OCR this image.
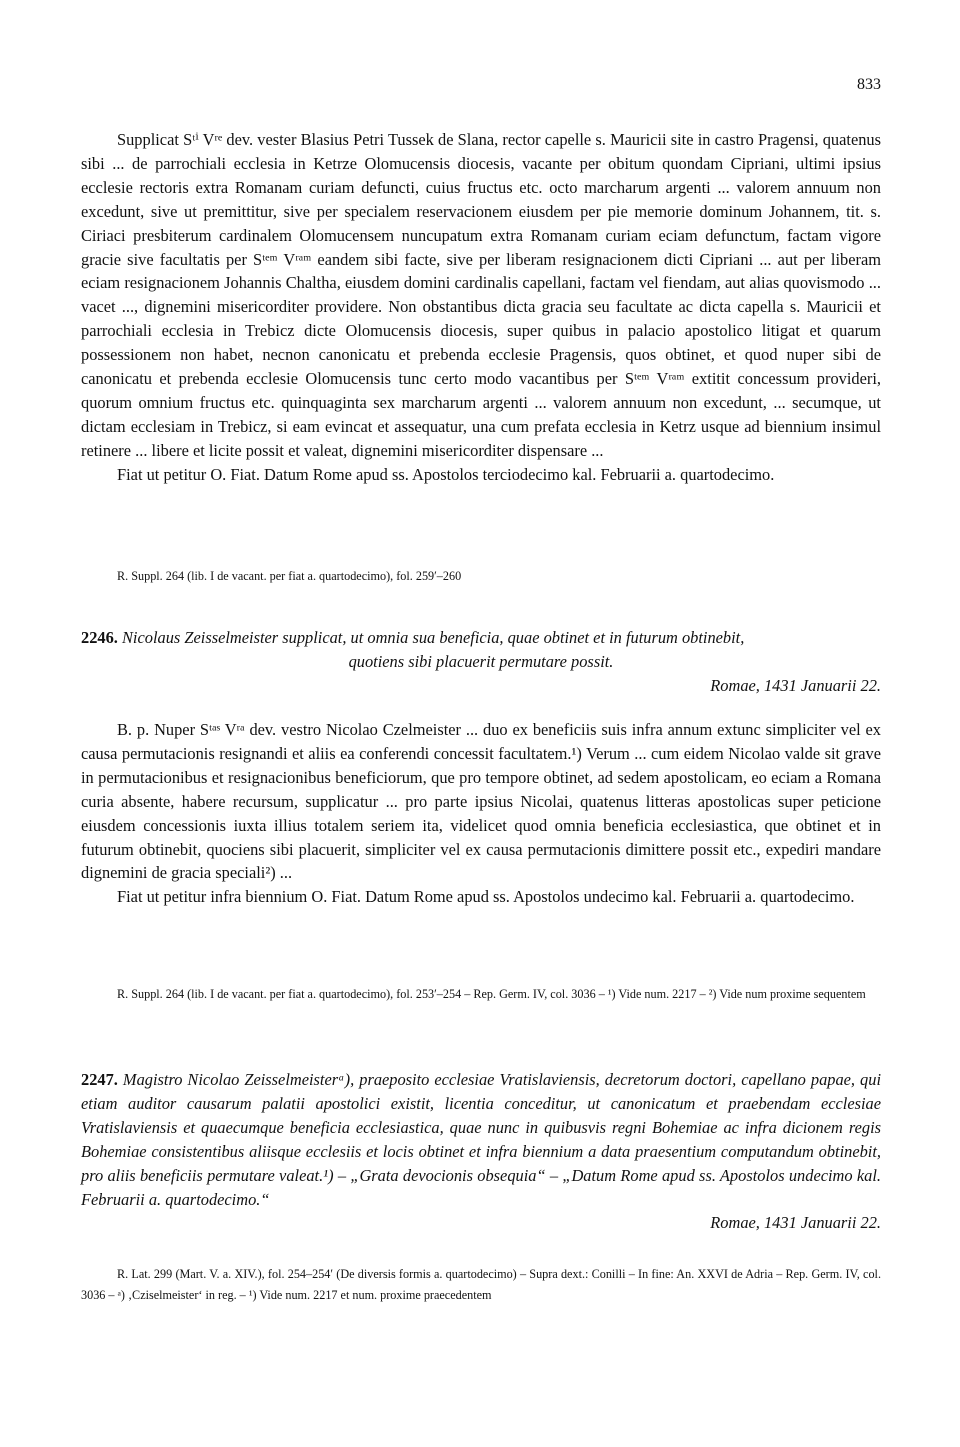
833

Supplicat Sᵗⁱ Vʳᵉ dev. vester Blasius Petri Tussek de Slana, rector capelle s. Mauricii site in castro Pragensi, quatenus sibi ... de parrochiali ecclesia in Ketrze Olomucensis diocesis, vacante per obitum quondam Cipriani, ultimi ipsius ecclesie rectoris extra Romanam curiam defuncti, cuius fructus etc. octo marcharum argenti ... valorem annuum non excedunt, sive ut premittitur, sive per specialem reservacionem eiusdem per pie memorie dominum Johannem, tit. s. Ciriaci presbiterum cardinalem Olomucensem nuncupatum extra Romanam curiam eciam defunctum, factam vigore gracie sive facultatis per Sᵗᵉᵐ Vʳᵃᵐ eandem sibi facte, sive per liberam resignacionem dicti Cipriani ... aut per liberam eciam resignacionem Johannis Chaltha, eiusdem domini cardinalis capellani, factam vel fiendam, aut alias quovismodo ... vacet ..., dignemini misericorditer providere. Non obstantibus dicta gracia seu facultate ac dicta capella s. Mauricii et parrochiali ecclesia in Trebicz dicte Olomucensis diocesis, super quibus in palacio apostolico litigat et quarum possessionem non habet, necnon canonicatu et prebenda ecclesie Pragensis, quos obtinet, et quod nuper sibi de canonicatu et prebenda ecclesie Olomucensis tunc certo modo vacantibus per Sᵗᵉᵐ Vʳᵃᵐ extitit concessum provideri, quorum omnium fructus etc. quinquaginta sex marcharum argenti ... valorem annuum non excedunt, ... secumque, ut dictam ecclesiam in Trebicz, si eam evincat et assequatur, una cum prefata ecclesia in Ketrz usque ad biennium insimul retinere ... libere et licite possit et valeat, dignemini misericorditer dispensare ...

Fiat ut petitur O. Fiat. Datum Rome apud ss. Apostolos terciodecimo kal. Februarii a. quartodecimo.

R. Suppl. 264 (lib. I de vacant. per fiat a. quartodecimo), fol. 259′–260

2246. Nicolaus Zeisselmeister supplicat, ut omnia sua beneficia, quae obtinet et in futurum obtinebit,

quotiens sibi placuerit permutare possit.

Romae, 1431 Januarii 22.

B. p. Nuper Sᵗᵃˢ Vʳᵃ dev. vestro Nicolao Czelmeister ... duo ex beneficiis suis infra annum extunc simpliciter vel ex causa permutacionis resignandi et aliis ea conferendi concessit facultatem.¹) Verum ... cum eidem Nicolao valde sit grave in permutacionibus et resignacionibus beneficiorum, que pro tempore obtinet, ad sedem apostolicam, eo eciam a Romana curia absente, habere recursum, supplicatur ... pro parte ipsius Nicolai, quatenus litteras apostolicas super peticione eiusdem concessionis iuxta illius totalem seriem ita, videlicet quod omnia beneficia ecclesiastica, que obtinet et in futurum obtinebit, quociens sibi placuerit, simpliciter vel ex causa permutacionis dimittere possit etc., expediri mandare dignemini de gracia speciali²) ...

Fiat ut petitur infra biennium O. Fiat. Datum Rome apud ss. Apostolos undecimo kal. Februarii a. quartodecimo.

R. Suppl. 264 (lib. I de vacant. per fiat a. quartodecimo), fol. 253′–254 – Rep. Germ. IV, col. 3036 – ¹) Vide num. 2217 – ²) Vide num proxime sequentem

2247. Magistro Nicolao Zeisselmeisterᵃ), praeposito ecclesiae Vratislaviensis, decretorum doctori, capellano papae, qui etiam auditor causarum palatii apostolici existit, licentia conceditur, ut canonicatum et praebendam ecclesiae Vratislaviensis et quaecumque beneficia ecclesiastica, quae nunc in quibusvis regni Bohemiae ac infra dicionem regis Bohemiae consistentibus aliisque ecclesiis et locis obtinet et infra biennium a data praesentium computandum obtinebit, pro aliis beneficiis permutare valeat.¹) – „Grata devocionis obsequia“ – „Datum Rome apud ss. Apostolos undecimo kal. Februarii a. quartodecimo.“

Romae, 1431 Januarii 22.

R. Lat. 299 (Mart. V. a. XIV.), fol. 254–254′ (De diversis formis a. quartodecimo) – Supra dext.: Conilli – In fine: An. XXVI de Adria – Rep. Germ. IV, col. 3036 – ᵃ) ‚Cziselmeister‘ in reg. – ¹) Vide num. 2217 et num. proxime praecedentem
